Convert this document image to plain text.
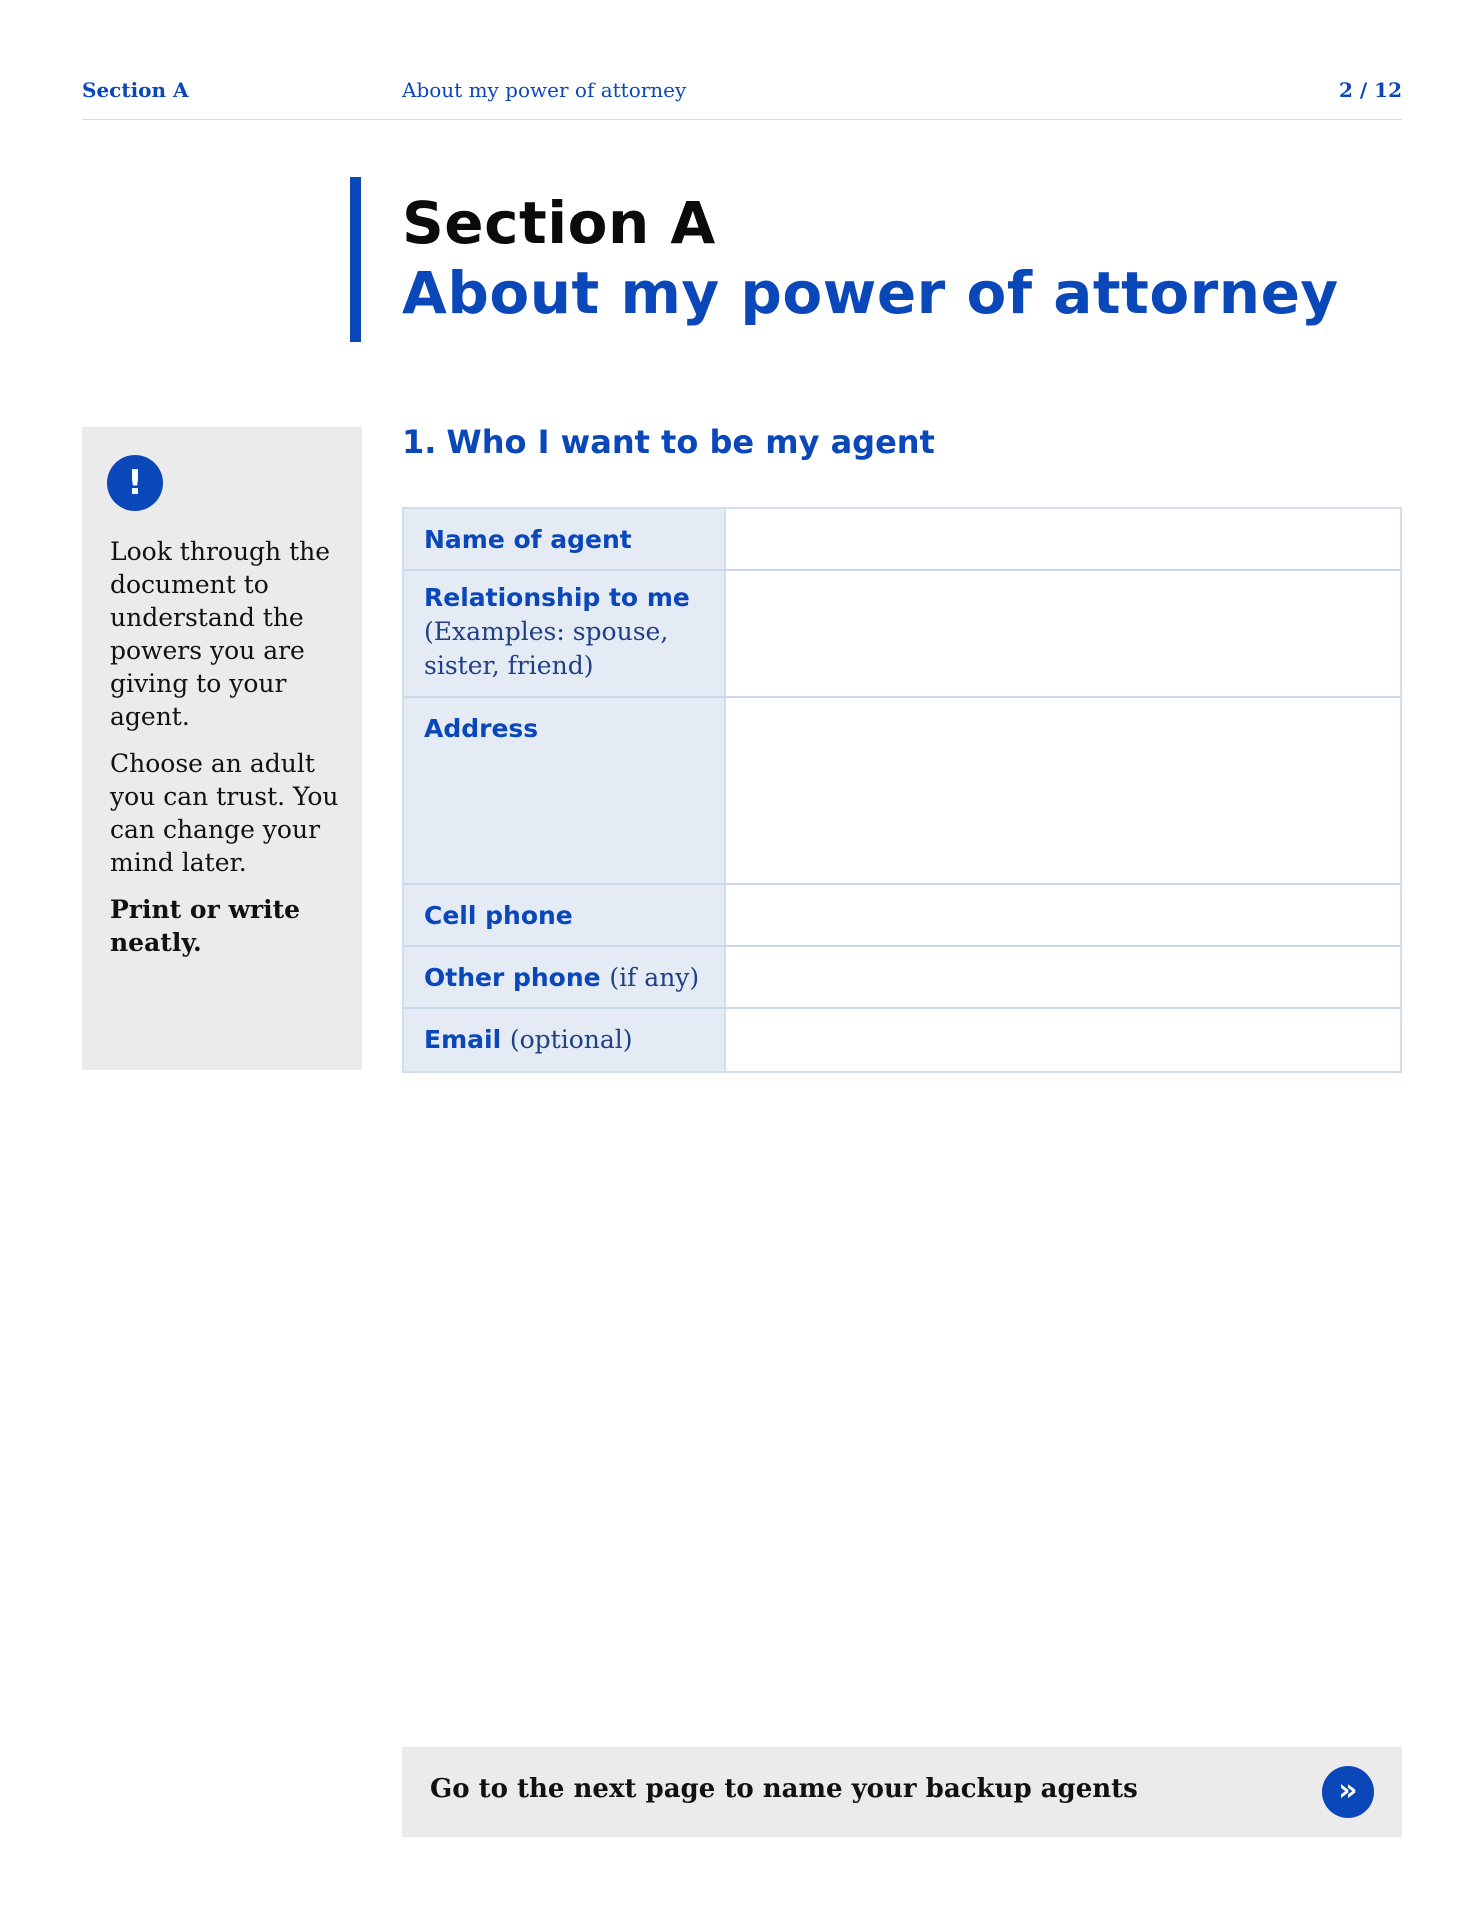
Section A	About my power of attorney	2 / 12
Section A
About my power of attorney
!

Look through the document to understand the powers you are giving to your agent.

Choose an adult you can trust. You can change your mind later.

Print or write neatly.

1. Who I want to be my agent
Name of agent
Relationship to me
(Examples: spouse, sister, friend)
Address
Cell phone
Other phone (if any)
Email (optional)
Go to the next page to name your backup agents	»
